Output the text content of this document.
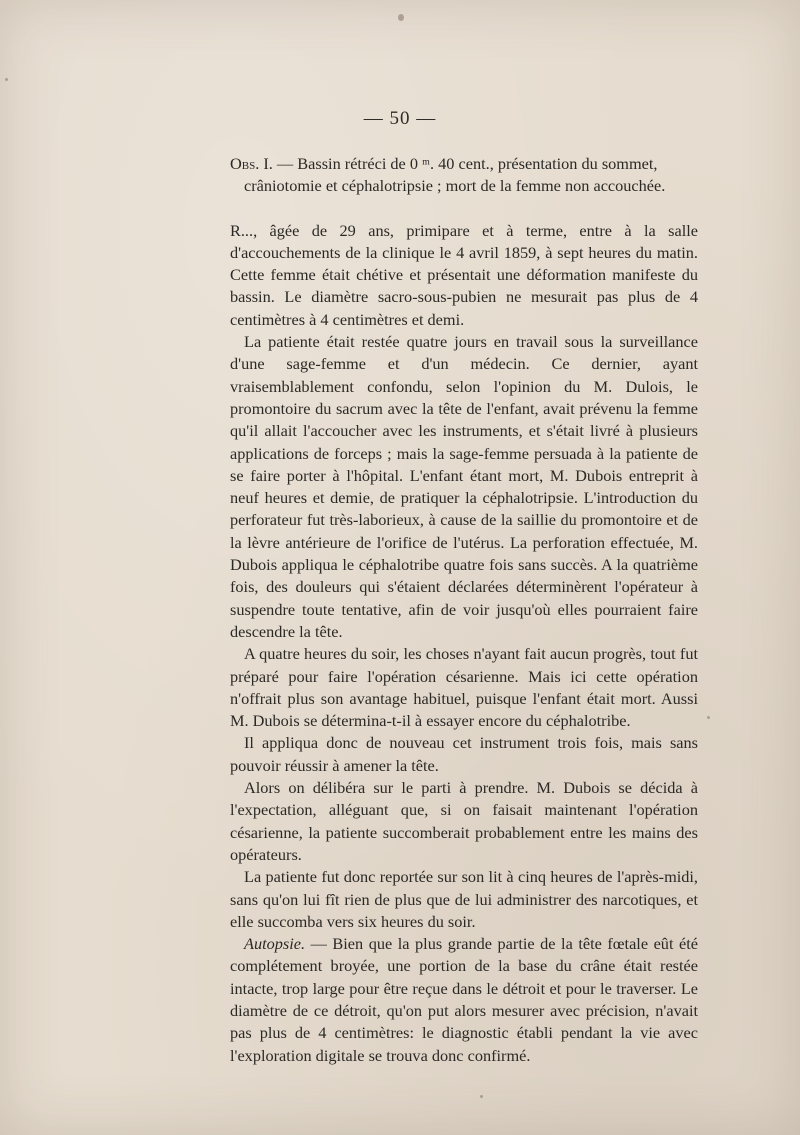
— 50 —

Obs. I. — Bassin rétréci de 0 ᵐ. 40 cent., présentation du sommet,
crâniotomie et céphalotripsie ; mort de la femme non accouchée.

R..., âgée de 29 ans, primipare et à terme, entre à la salle d'accouchements de la clinique le 4 avril 1859, à sept heures du matin. Cette femme était chétive et présentait une déformation manifeste du bassin. Le diamètre sacro-sous-pubien ne mesurait pas plus de 4 centimètres à 4 centimètres et demi.

La patiente était restée quatre jours en travail sous la surveillance d'une sage-femme et d'un médecin. Ce dernier, ayant vraisemblablement confondu, selon l'opinion du M. Dulois, le promontoire du sacrum avec la tête de l'enfant, avait prévenu la femme qu'il allait l'accoucher avec les instruments, et s'était livré à plusieurs applications de forceps ; mais la sage-femme persuada à la patiente de se faire porter à l'hôpital. L'enfant étant mort, M. Dubois entreprit à neuf heures et demie, de pratiquer la céphalotripsie. L'introduction du perforateur fut très-laborieux, à cause de la saillie du promontoire et de la lèvre antérieure de l'orifice de l'utérus. La perforation effectuée, M. Dubois appliqua le céphalotribe quatre fois sans succès. A la quatrième fois, des douleurs qui s'étaient déclarées déterminèrent l'opérateur à suspendre toute tentative, afin de voir jusqu'où elles pourraient faire descendre la tête.

A quatre heures du soir, les choses n'ayant fait aucun progrès, tout fut préparé pour faire l'opération césarienne. Mais ici cette opération n'offrait plus son avantage habituel, puisque l'enfant était mort. Aussi M. Dubois se détermina-t-il à essayer encore du céphalotribe.

Il appliqua donc de nouveau cet instrument trois fois, mais sans pouvoir réussir à amener la tête.

Alors on délibéra sur le parti à prendre. M. Dubois se décida à l'expectation, alléguant que, si on faisait maintenant l'opération césarienne, la patiente succomberait probablement entre les mains des opérateurs.

La patiente fut donc reportée sur son lit à cinq heures de l'après-midi, sans qu'on lui fît rien de plus que de lui administrer des narcotiques, et elle succomba vers six heures du soir.

Autopsie. — Bien que la plus grande partie de la tête fœtale eût été complétement broyée, une portion de la base du crâne était restée intacte, trop large pour être reçue dans le détroit et pour le traverser. Le diamètre de ce détroit, qu'on put alors mesurer avec précision, n'avait pas plus de 4 centimètres: le diagnostic établi pendant la vie avec l'exploration digitale se trouva donc confirmé.
